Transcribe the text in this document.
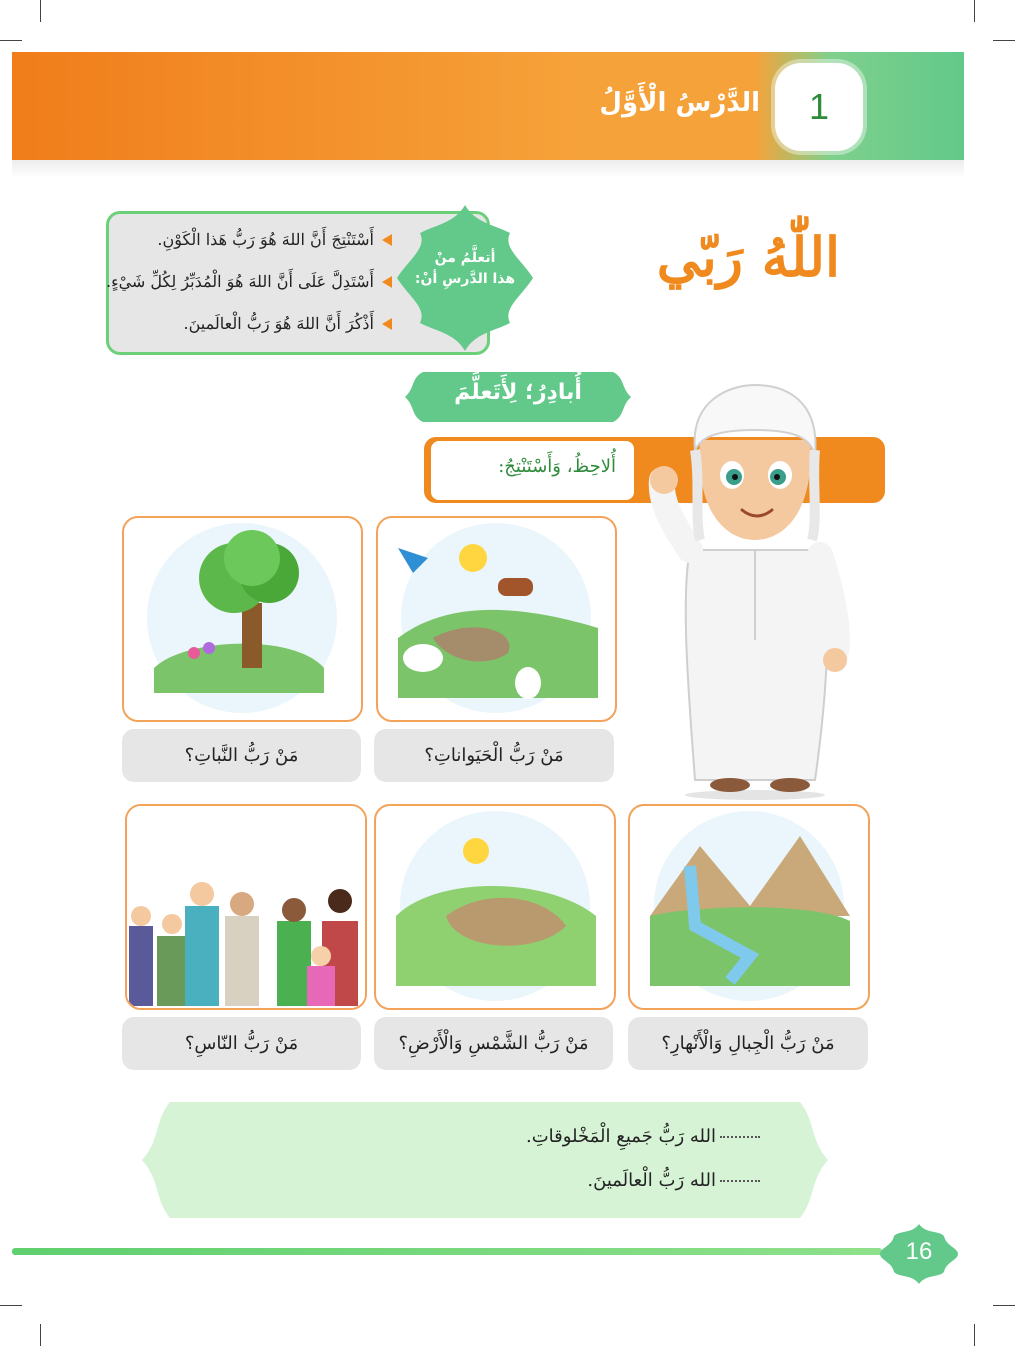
1
الدَّرْسُ الْأَوَّلُ
اللّٰهُ رَبّي
أَسْتَنْتِجَ أَنَّ اللهَ هُوَ رَبُّ هَذا الْكَوْنِ.
أَسْتَدِلَّ عَلَى أَنَّ اللهَ هُوَ الْمُدَبِّرُ لِكُلِّ شَيْءٍ.
أَذْكُرَ أَنَّ اللهَ هُوَ رَبُّ الْعالَمينَ.
أتعلَّمُ منْ
هذا الدَّرسِ أنْ:
أُبادِرُ؛ لِأَتَعلَّمَ
أُلاحِظُ، وَأَسْتَنْتِجُ:
مَنْ رَبُّ الْحَيَواناتِ؟
مَنْ رَبُّ النَّباتِ؟
مَنْ رَبُّ الْجِبالِ وَالْأَنْهارِ؟
مَنْ رَبُّ الشَّمْسِ وَالْأَرْضِ؟
مَنْ رَبُّ النّاسِ؟
الله رَبُّ جَميعِ الْمَخْلوقاتِ.
الله رَبُّ الْعالَمينَ.
16
